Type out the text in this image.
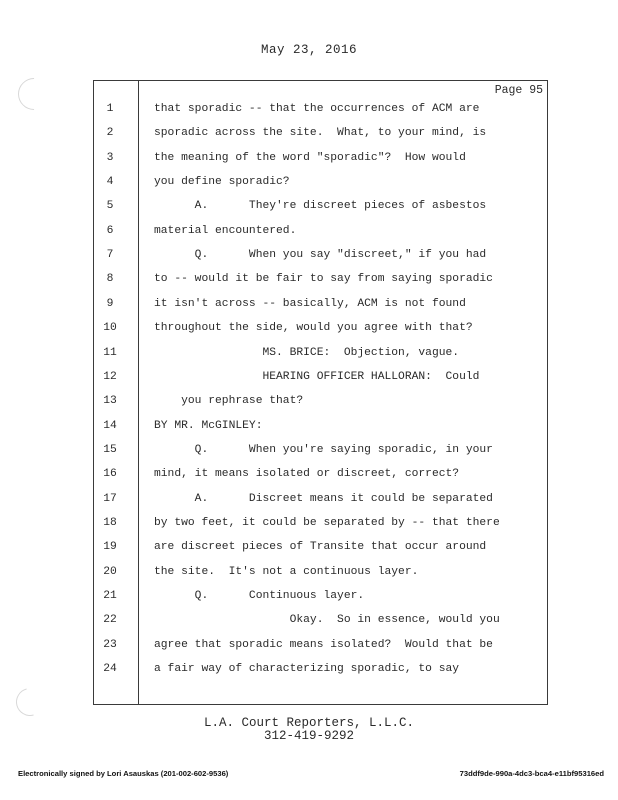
May 23, 2016
Page 95
1	that sporadic -- that the occurrences of ACM are
2	sporadic across the site.  What, to your mind, is
3	the meaning of the word "sporadic"?  How would
4	you define sporadic?
5	A.      They're discreet pieces of asbestos
6	material encountered.
7	Q.      When you say "discreet," if you had
8	to -- would it be fair to say from saying sporadic
9	it isn't across -- basically, ACM is not found
10	throughout the side, would you agree with that?
11	MS. BRICE:  Objection, vague.
12	HEARING OFFICER HALLORAN:  Could
13	you rephrase that?
14	BY MR. McGINLEY:
15	Q.      When you're saying sporadic, in your
16	mind, it means isolated or discreet, correct?
17	A.      Discreet means it could be separated
18	by two feet, it could be separated by -- that there
19	are discreet pieces of Transite that occur around
20	the site.  It's not a continuous layer.
21	Q.      Continuous layer.
22	Okay.  So in essence, would you
23	agree that sporadic means isolated?  Would that be
24	a fair way of characterizing sporadic, to say
L.A. Court Reporters, L.L.C.
312-419-9292
Electronically signed by Lori Asauskas (201-002-602-9536)	73ddf9de-990a-4dc3-bca4-e11bf95316ed
